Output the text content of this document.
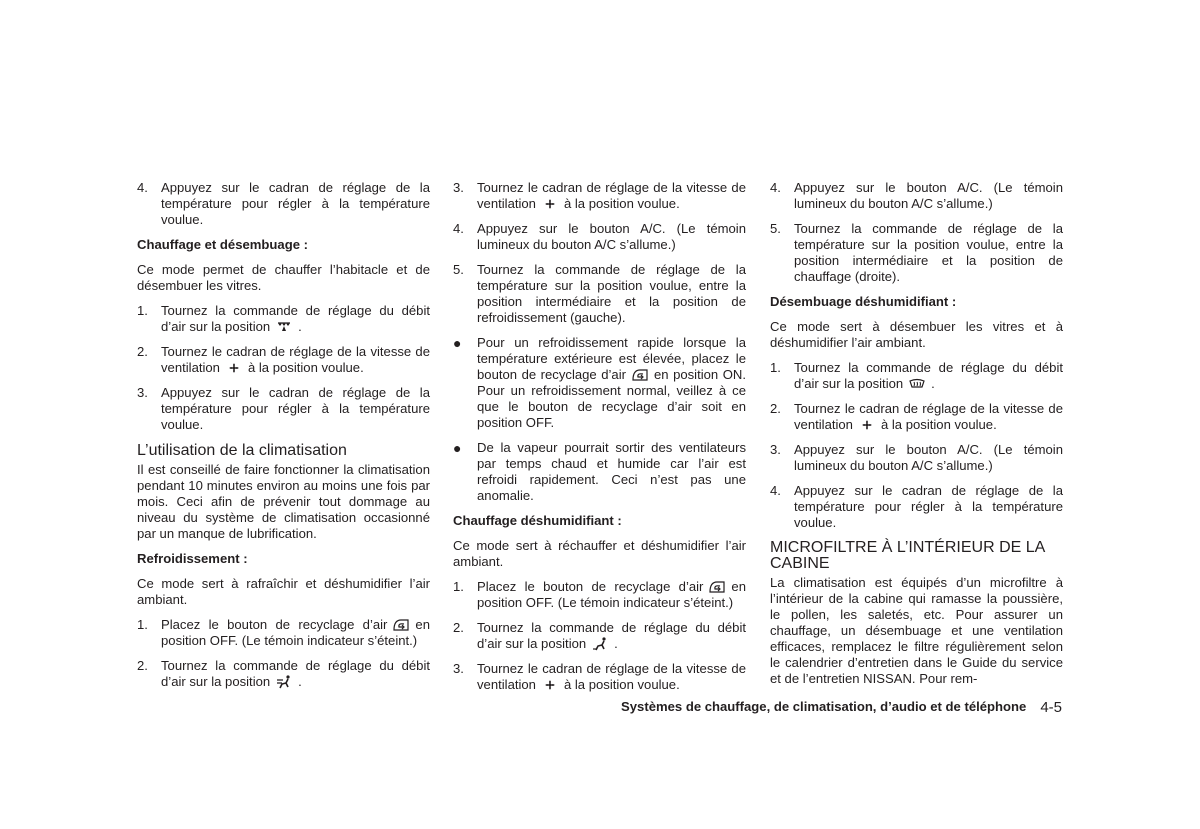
4. Appuyez sur le cadran de réglage de la température pour régler à la température voulue.
Chauffage et désembuage :
Ce mode permet de chauffer l’habitacle et de désembuer les vitres.
1. Tournez la commande de réglage du débit d’air sur la position .
2. Tournez le cadran de réglage de la vitesse de ventilation à la position voulue.
3. Appuyez sur le cadran de réglage de la température pour régler à la température voulue.
L’utilisation de la climatisation
Il est conseillé de faire fonctionner la climatisation pendant 10 minutes environ au moins une fois par mois. Ceci afin de prévenir tout dommage au niveau du système de climatisation occasionné par un manque de lubrification.
Refroidissement :
Ce mode sert à rafraîchir et déshumidifier l’air ambiant.
1. Placez le bouton de recyclage d’air en position OFF. (Le témoin indicateur s’éteint.)
2. Tournez la commande de réglage du débit d’air sur la position .
3. Tournez le cadran de réglage de la vitesse de ventilation à la position voulue.
4. Appuyez sur le bouton A/C. (Le témoin lumineux du bouton A/C s’allume.)
5. Tournez la commande de réglage de la température sur la position voulue, entre la position intermédiaire et la position de refroidissement (gauche).
●	Pour un refroidissement rapide lorsque la température extérieure est élevée, placez le bouton de recyclage d’air en position ON. Pour un refroidissement normal, veillez à ce que le bouton de recyclage d’air soit en position OFF.
●	De la vapeur pourrait sortir des ventilateurs par temps chaud et humide car l’air est refroidi rapidement. Ceci n’est pas une anomalie.
Chauffage déshumidifiant :
Ce mode sert à réchauffer et déshumidifier l’air ambiant.
1. Placez le bouton de recyclage d’air en position OFF. (Le témoin indicateur s’éteint.)
2. Tournez la commande de réglage du débit d’air sur la position .
3. Tournez le cadran de réglage de la vitesse de ventilation à la position voulue.
4. Appuyez sur le bouton A/C. (Le témoin lumineux du bouton A/C s’allume.)
5. Tournez la commande de réglage de la température sur la position voulue, entre la position intermédiaire et la position de chauffage (droite).
Désembuage déshumidifiant :
Ce mode sert à désembuer les vitres et à déshumidifier l’air ambiant.
1. Tournez la commande de réglage du débit d’air sur la position .
2. Tournez le cadran de réglage de la vitesse de ventilation à la position voulue.
3. Appuyez sur le bouton A/C. (Le témoin lumineux du bouton A/C s’allume.)
4. Appuyez sur le cadran de réglage de la température pour régler à la température voulue.
MICROFILTRE À L’INTÉRIEUR DE LA CABINE
La climatisation est équipés d’un microfiltre à l’intérieur de la cabine qui ramasse la poussière, le pollen, les saletés, etc. Pour assurer un chauffage, un désembuage et une ventilation efficaces, remplacez le filtre régulièrement selon le calendrier d’entretien dans le Guide du service et de l’entretien NISSAN. Pour rem-
Systèmes de chauffage, de climatisation, d’audio et de téléphone 4-5
